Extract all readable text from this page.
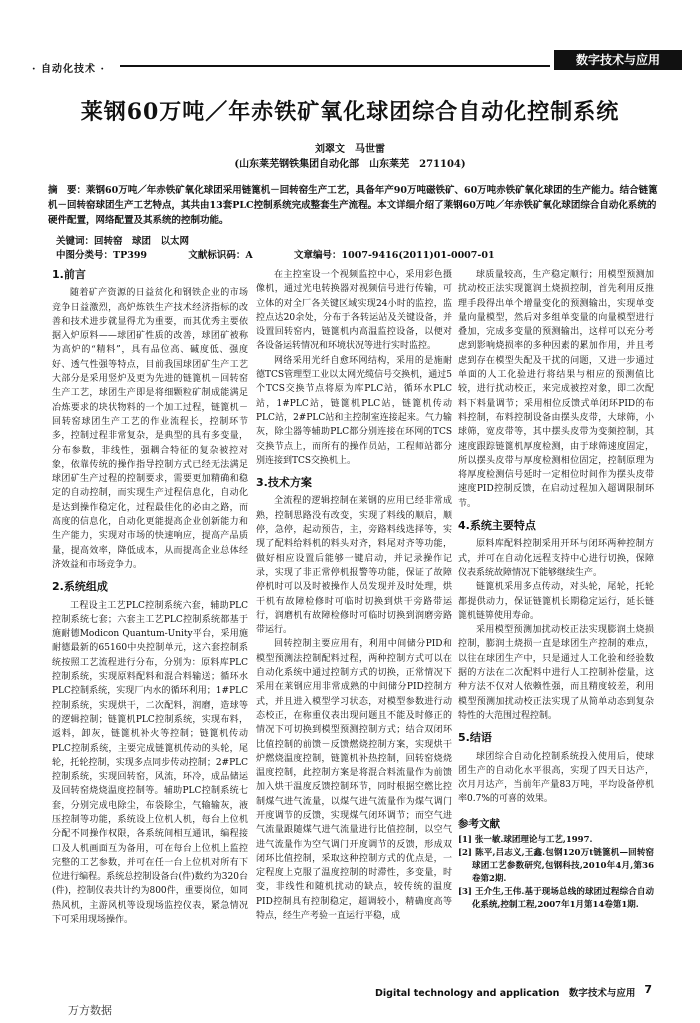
· 自动化技术 ·
数字技术与应用
莱钢60万吨／年赤铁矿氧化球团综合自动化控制系统
刘翠文　马世雷
(山东莱芜钢铁集团自动化部　山东莱芜　271104)
摘　要：莱钢60万吨／年赤铁矿氧化球团采用链篦机－回转窑生产工艺，具备年产90万吨磁铁矿、60万吨赤铁矿氧化球团的生产能力。结合链篦机－回转窑球团生产工艺特点，其共由13套PLC控制系统完成整套生产流程。本文详细介绍了莱钢60万吨／年赤铁矿氧化球团综合自动化系统的硬件配置，网络配置及其系统的控制功能。
关键词：回转窑　球团　以太网
中图分类号：TP399	文献标识码：A	文章编号：1007-9416(2011)01-0007-01
1.前言

随着矿产资源的日益贫化和钢铁企业的市场竞争日益激烈，高炉炼铁生产技术经济指标的改善和技术进步就显得尤为重要，而其优秀主要依据入炉原料——球团矿性质的改善，球团矿被称为高炉的“精料”，具有品位高、碱度低、强度好、透气性强等特点，目前我国球团矿生产工艺大部分是采用竖炉及更为先进的链篦机－回转窑生产工艺，球团生产即是将细颗粒矿制成能满足冶炼要求的块状物料的一个加工过程，链篦机－回转窑球团生产工艺的作业流程长，控制环节多，控制过程非常复杂，是典型的具有多变量，分布参数，非线性，强耦合特征的复杂被控对象，依靠传统的操作指导控制方式已经无法满足球团矿生产过程的控制要求，需要更加精确和稳定的自动控制，而实现生产过程信息化，自动化是达到操作稳定化，过程最佳化的必由之路，而高度的信息化，自动化更能提高企业创新能力和生产能力，实现对市场的快速响应，提高产品质量，提高效率，降低成本，从而提高企业总体经济效益和市场竞争力。

2.系统组成

工程设主工艺PLC控制系统六套，辅助PLC控制系统七套；六套主工艺PLC控制系统都基于施耐德Modicon Quantum-Unity平台，采用施耐德最新的65160中央控制单元，这六套控制系统按照工艺流程进行分布，分别为：原料库PLC控制系统，实现原料配料和混合料输送；循环水PLC控制系统，实现厂内水的循环利用；1#PLC控制系统，实现烘干，二次配料，润磨，造球等的逻辑控制；链篦机PLC控制系统，实现布料，返料，卸灰，链篦机补火等控制；链篦机传动PLC控制系统，主要完成链篦机传动的头轮，尾轮，托轮控制，实现多点同步传动控制；2#PLC控制系统，实现回转窑，风流，环冷，成品储运及回转窑烧烧温度控制等。辅助PLC控制系统七套，分别完成电除尘，布袋除尘，气输输灰，液压控制等功能，系统设上位机人机，每台上位机分配不同操作权限，各系统间相互通讯，编程接口及人机画面互为备用，可在每台上位机上监控完整的工艺参数，并可在任一台上位机对所有下位进行编程。系统总控制设备台(件)数约为320台(件)，控制仪表共计约为800件，重要岗位，如同热风机，主游风机等设现场监控仪表，紧急情况下可采用现场操作。

在主控室设一个视频监控中心，采用彩色摄像机，通过光电转换器对视频信号进行传输，可立体的对全厂各关键区域实现24小时的监控，监控点达20余处，分布于各转运站及关键设备，并设置回转窑内，链篦机内高温监控设备，以便对各设备运转情况和环境状况等进行实时监控。

网络采用光纤自愈环网结构，采用的是施耐德TCS管理型工业以太网光缆信号交换机，通过5个TCS交换节点将原为库PLC站，循环水PLC站，1#PLC站，链篦机PLC站，链篦机传动PLC站，2#PLC站和主控制室连接起来。气力输灰，除尘器等辅助PLC都分别连接在环网的TCS交换节点上，而所有的操作员站，工程师站都分别连接到TCS交换机上。

3.技术方案

全流程的逻辑控制在莱钢的应用已经非常成熟，控制思路没有改变，实现了料线的顺启，顺停，急停，起动预告，主，旁路料线选择等，实现了配料给料机的料头对齐，料尾对齐等功能，做好相应设置后能够一键启动，并记录操作记录，实现了非正常停机报警等功能，保证了故障停机时可以及时被操作人员发现并及时处理，烘干机有故障检修时可临时切换到烘干旁路带运行，润磨机有故障检修时可临时切换到润磨旁路带运行。

回转控制主要应用有，利用中间储分PID和模型预测法控制配料过程，两种控制方式可以在自动化系统中通过控制方式的切换，正常情况下采用在莱钢应用非常成熟的中间储分PID控制方式，并且进入模型学习状态，对模型参数进行动态校正，在称重仪表出现问题且不能及时修正的情况下可切换到模型预测控制方式；结合双闭环比值控制的前馈－反馈燃烧控制方案，实现烘干炉燃烧温度控制，链篦机补热控制，回转窑烧烧温度控制，此控制方案是将混合料流量作为前馈加入烘干温度反馈控制环节，同时根据空燃比控制煤气进气流量，以煤气进气流量作为煤气调门开度调节的反馈，实现煤气闭环调节；而空气进气流量跟随煤气进气流量进行比值控制，以空气进气流量作为空气调门开度调节的反馈，形成双闭环比值控制，采取这种控制方式的优点是，一定程度上克服了温度控制的时滞性，多变量，时变，非线性和随机扰动的缺点，较传统的温度PID控制具有控制稳定，超调较小，精确度高等特点，经生产考验一直运行平稳，成

球质量较高，生产稳定顺行；用模型预测加扰动校正法实现篦润土烧损控制，首先利用反推理手段得出单个增量变化的预测输出，实现单变量向量模型，然后对多组单变量的向量模型进行叠加，完成多变量的预测输出，这样可以充分考虑到影响烧损率的多种因素的累加作用，并且考虑到存在模型失配及干扰的问题，又进一步通过单面的人工化验进行将结果与相应的预测值比较，进行扰动校正，来完成被控对象，即二次配料下料量调节；采用相位反馈式单闭环PID的布料控制，布料控制设备由摆头皮带，大球筛，小球筛，宽皮带等，其中摆头皮带为变频控制，其速度跟踪链篦机厚度检测，由于球筛速度固定，所以摆头皮带与厚度检测相位固定，控制原理为将厚度检测信号延时一定相位时间作为摆头皮带速度PID控制反馈，在启动过程加入超调限制环节。

4.系统主要特点

原料库配料控制采用开环与闭环两种控制方式，并可在自动化远程支持中心进行切换，保障仪表系统故障情况下能够继续生产。

链篦机采用多点传动，对头轮，尾轮，托轮都提供动力，保证链篦机长期稳定运行，延长链篦机链箅使用寿命。

采用模型预测加扰动校正法实现膨润土烧损控制，膨润土烧损一直是球团生产控制的难点，以往在球团生产中，只是通过人工化验和经验数据的方法在二次配料中进行人工控制补偿量，这种方法不仅对人依赖性强，而且精度较差，利用模型预测加扰动校正法实现了从简单动态到复杂特性的大范围过程控制。

5.结语

球团综合自动化控制系统投入使用后，使球团生产的自动化水平很高，实现了四天日达产，次月月达产，当前年产量83万吨，平均设备停机率0.7%的可喜的效果。

参考文献

[1] 张一敏.球团理论与工艺,1997.

[2] 陈平,吕志义,王鑫.包钢120万t链篦机—回转窑球团工艺参数研究,包钢科技,2010年4月,第36卷第2期.

[3] 王介生,王伟.基于现场总线的球团过程综合自动化系统,控制工程,2007年1月第14卷第1期.

Digital technology and application　数字技术与应用 7
万方数据
